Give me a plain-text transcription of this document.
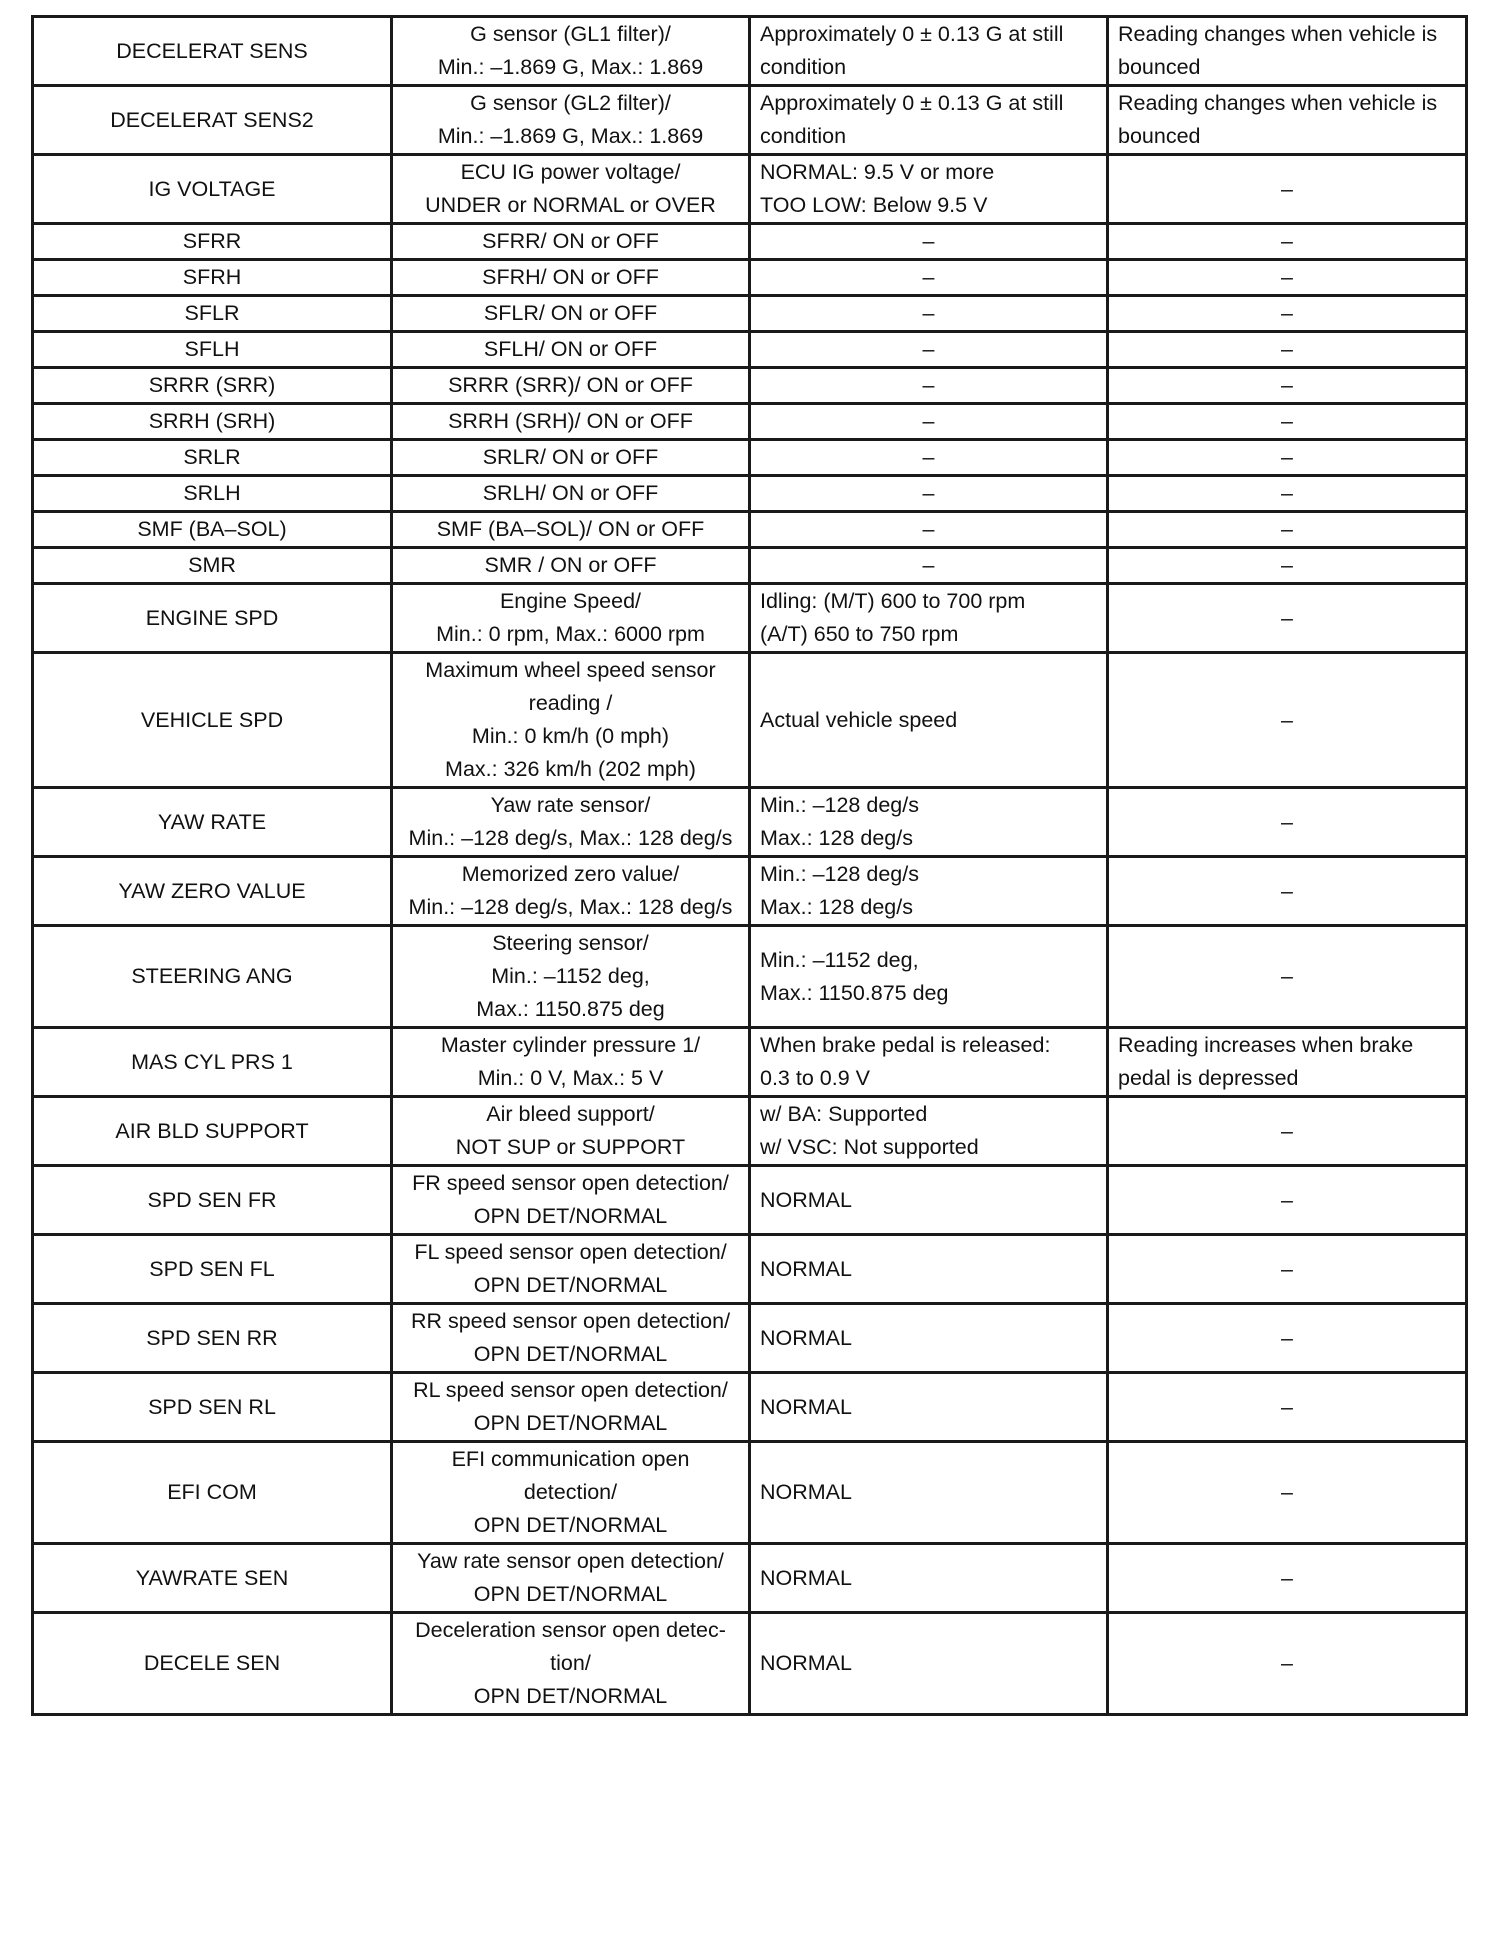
DECELERAT SENS	G sensor (GL1 filter)/
Min.: –1.869 G, Max.: 1.869	Approximately 0 ± 0.13 G at still
condition	Reading changes when vehicle is
bounced
DECELERAT SENS2	G sensor (GL2 filter)/
Min.: –1.869 G, Max.: 1.869	Approximately 0 ± 0.13 G at still
condition	Reading changes when vehicle is
bounced
IG VOLTAGE	ECU IG power voltage/
UNDER or NORMAL or OVER	NORMAL: 9.5 V or more
TOO LOW: Below 9.5 V	–
SFRR	SFRR/ ON or OFF	–	–
SFRH	SFRH/ ON or OFF	–	–
SFLR	SFLR/ ON or OFF	–	–
SFLH	SFLH/ ON or OFF	–	–
SRRR (SRR)	SRRR (SRR)/ ON or OFF	–	–
SRRH (SRH)	SRRH (SRH)/ ON or OFF	–	–
SRLR	SRLR/ ON or OFF	–	–
SRLH	SRLH/ ON or OFF	–	–
SMF (BA–SOL)	SMF (BA–SOL)/ ON or OFF	–	–
SMR	SMR / ON or OFF	–	–
ENGINE SPD	Engine Speed/
Min.: 0 rpm, Max.: 6000 rpm	Idling: (M/T) 600 to 700 rpm
(A/T) 650 to 750 rpm	–
VEHICLE SPD	Maximum wheel speed sensor
reading /
Min.: 0 km/h (0 mph)
Max.: 326 km/h (202 mph)	Actual vehicle speed	–
YAW RATE	Yaw rate sensor/
Min.: –128 deg/s, Max.: 128 deg/s	Min.: –128 deg/s
Max.: 128 deg/s	–
YAW ZERO VALUE	Memorized zero value/
Min.: –128 deg/s, Max.: 128 deg/s	Min.: –128 deg/s
Max.: 128 deg/s	–
STEERING ANG	Steering sensor/
Min.: –1152 deg,
Max.: 1150.875 deg	Min.: –1152 deg,
Max.: 1150.875 deg	–
MAS CYL PRS 1	Master cylinder pressure 1/
Min.: 0 V, Max.: 5 V	When brake pedal is released:
0.3 to 0.9 V	Reading increases when brake
pedal is depressed
AIR BLD SUPPORT	Air bleed support/
NOT SUP or SUPPORT	w/ BA: Supported
w/ VSC: Not supported	–
SPD SEN FR	FR speed sensor open detection/
OPN DET/NORMAL	NORMAL	–
SPD SEN FL	FL speed sensor open detection/
OPN DET/NORMAL	NORMAL	–
SPD SEN RR	RR speed sensor open detection/
OPN DET/NORMAL	NORMAL	–
SPD SEN RL	RL speed sensor open detection/
OPN DET/NORMAL	NORMAL	–
EFI COM	EFI communication open
detection/
OPN DET/NORMAL	NORMAL	–
YAWRATE SEN	Yaw rate sensor open detection/
OPN DET/NORMAL	NORMAL	–
DECELE SEN	Deceleration sensor open detec-
tion/
OPN DET/NORMAL	NORMAL	–
